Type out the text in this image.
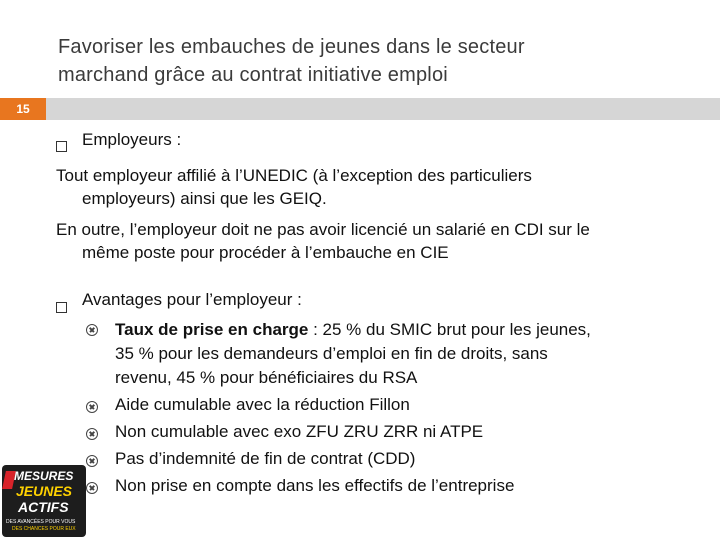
Favoriser les embauches de jeunes dans le secteur
marchand grâce au contrat initiative emploi
15
Employeurs :
Tout employeur affilié à l’UNEDIC (à l’exception des particuliers
employeurs) ainsi que les GEIQ.
En outre, l’employeur doit ne pas avoir licencié un salarié en CDI sur le
même poste pour procéder à l’embauche en CIE
Avantages pour l’employeur :
Taux de prise en charge : 25 % du SMIC brut pour les jeunes,
35 % pour les demandeurs d’emploi en fin de droits, sans
revenu, 45 % pour bénéficiaires du RSA
Aide cumulable avec la réduction Fillon
Non cumulable avec exo ZFU ZRU ZRR ni ATPE
Pas d’indemnité de fin de contrat (CDD)
Non prise en compte dans les effectifs de l’entreprise
MESURES
JEUNES
ACTIFS
DES AVANCÉES POUR VOUS
DES CHANCES POUR EUX
